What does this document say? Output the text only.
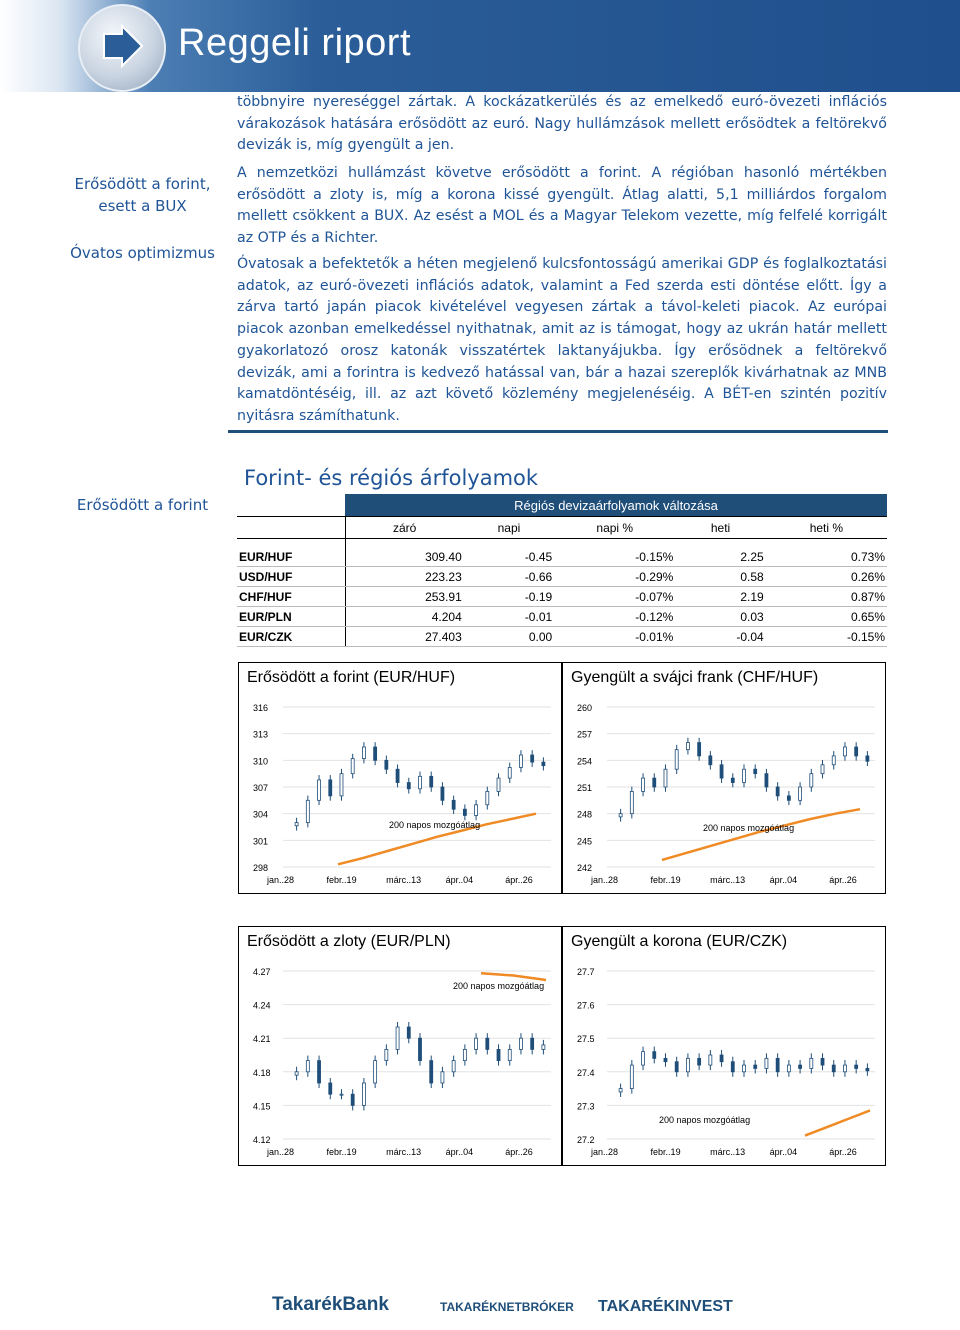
Reggeli riport
Erősödött a forint, esett a BUX
Óvatos optimizmus
Erősödött a forint

többnyire nyereséggel zártak. A kockázatkerülés és az emelkedő euró-övezeti inflációs várakozások hatására erősödött az euró. Nagy hullámzások mellett erősödtek a feltörekvő devizák is, míg gyengült a jen.

A nemzetközi hullámzást követve erősödött a forint. A régióban hasonló mértékben erősödött a zloty is, míg a korona kissé gyengült. Átlag alatti, 5,1 milliárdos forgalom mellett csökkent a BUX. Az esést a MOL és a Magyar Telekom vezette, míg felfelé korrigált az OTP és a Richter.

Óvatosak a befektetők a héten megjelenő kulcsfontosságú amerikai GDP és foglalkoztatási adatok, az euró-övezeti inflációs adatok, valamint a Fed szerda esti döntése előtt. Így a zárva tartó japán piacok kivételével vegyesen zártak a távol-keleti piacok. Az európai piacok azonban emelkedéssel nyithatnak, amit az is támogat, hogy az ukrán határ mellett gyakorlatozó orosz katonák visszatértek laktanyájukba. Így erősödnek a feltörekvő devizák, ami a forintra is kedvező hatással van, bár a hazai szereplők kivárhatnak az MNB kamatdöntéséig, ill. az azt követő közlemény megjelenéséig. A BÉT-en szintén pozitív nyitásra számíthatunk.

Forint- és régiós árfolyamok
	Régiós devizaárfolyamok változása				
	záró	napi	napi %	heti	heti %

EUR/HUF	309.40	-0.45	-0.15%	2.25	0.73%
USD/HUF	223.23	-0.66	-0.29%	0.58	0.26%
CHF/HUF	253.91	-0.19	-0.07%	2.19	0.87%
EUR/PLN	4.204	-0.01	-0.12%	0.03	0.65%
EUR/CZK	27.403	0.00	-0.01%	-0.04	-0.15%
Erősödött a forint (EUR/HUF)
316
313
310
307
304
301
298
jan..28	febr..19	márc..13	ápr..04	ápr..26
200 napos mozgóátlag
Gyengült a svájci frank (CHF/HUF)
260
257
254
251
248
245
242
jan..28	febr..19	márc..13	ápr..04	ápr..26
200 napos mozgóátlag
Erősödött a zloty (EUR/PLN)
4.27
4.24
4.21
4.18
4.15
4.12
jan..28	febr..19	márc..13	ápr..04	ápr..26
200 napos mozgóátlag
Gyengült a korona (EUR/CZK)
27.7
27.6
27.5
27.4
27.3
27.2
jan..28	febr..19	márc..13	ápr..04	ápr..26
200 napos mozgóátlag
TakarékBank	TAKARÉKNETBRÓKER TAKARÉKINVEST
